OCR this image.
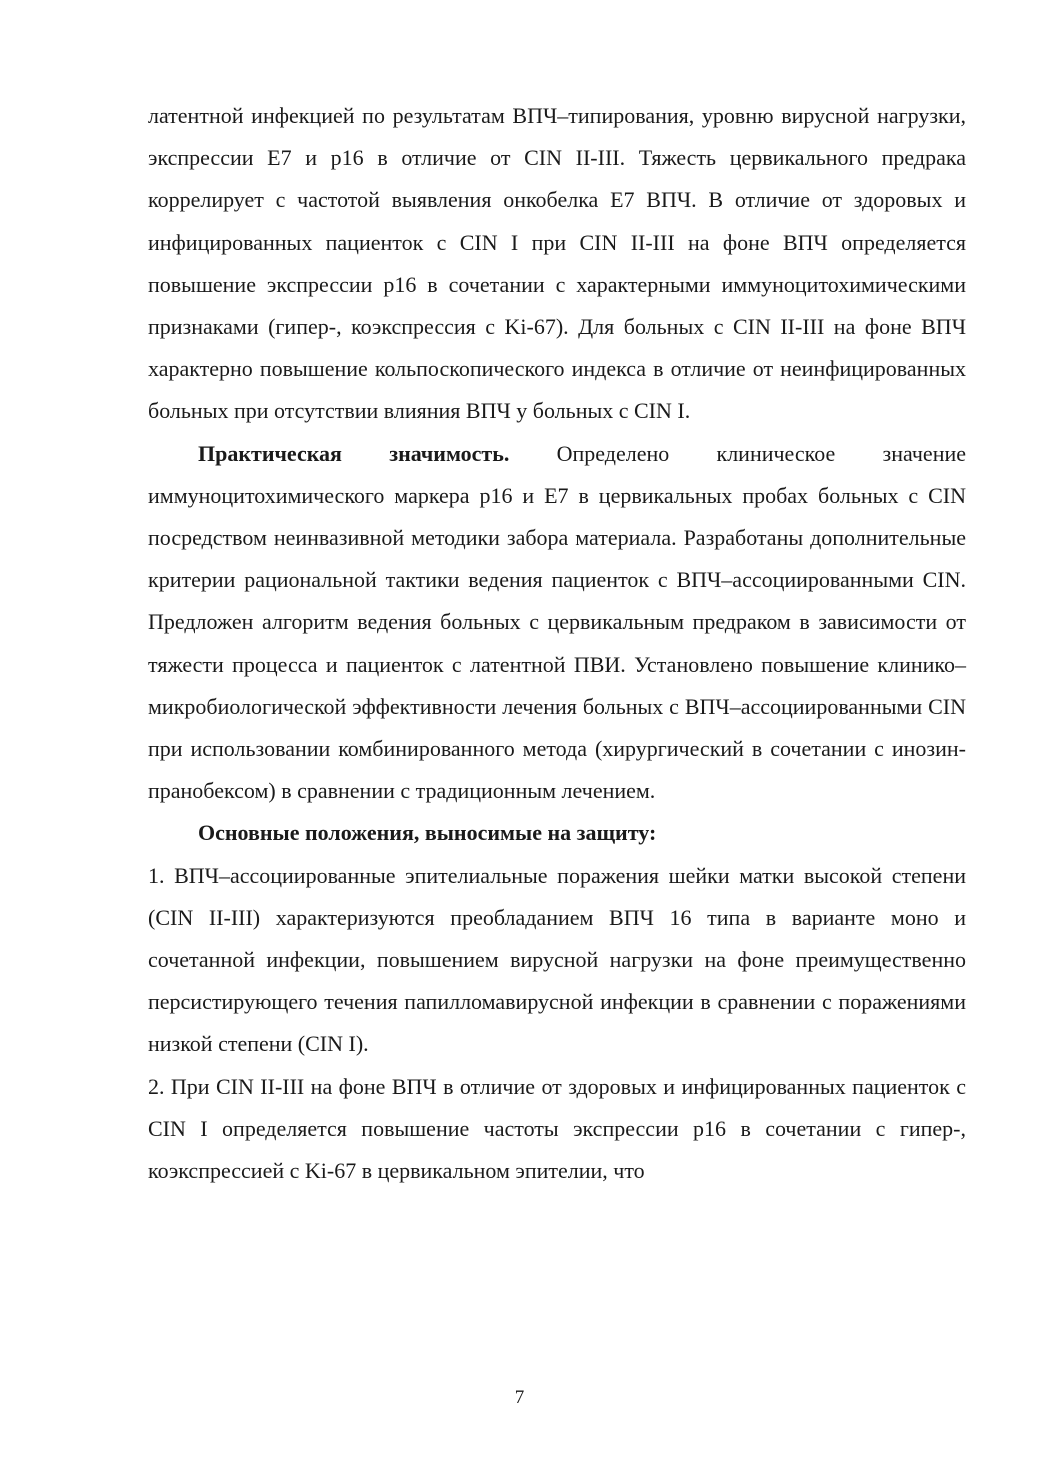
латентной инфекцией по результатам ВПЧ–типирования, уровню вирусной нагрузки, экспрессии Е7 и р16 в отличие от CIN II-III. Тяжесть цервикального предрака коррелирует с частотой выявления онкобелка Е7 ВПЧ. В отличие от здоровых и инфицированных пациенток с CIN I при CIN II-III на фоне ВПЧ определяется повышение экспрессии р16 в сочетании с характерными иммуноцитохимическими признаками (гипер-, коэкспрессия с Ki-67). Для больных с CIN II-III на фоне ВПЧ характерно повышение кольпоскопического индекса в отличие от неинфицированных больных при отсутствии влияния ВПЧ у больных с CIN I.

Практическая значимость. Определено клиническое значение иммуноцитохимического маркера р16 и Е7 в цервикальных пробах больных с CIN посредством неинвазивной методики забора материала. Разработаны дополнительные критерии рациональной тактики ведения пациенток с ВПЧ–ассоциированными CIN. Предложен алгоритм ведения больных с цервикальным предраком в зависимости от тяжести процесса и пациенток с латентной ПВИ. Установлено повышение клинико–микробиологической эффективности лечения больных с ВПЧ–ассоциированными CIN при использовании комбинированного метода (хирургический в сочетании с инозин-пранобексом) в сравнении с традиционным лечением.

Основные положения, выносимые на защиту:

1. ВПЧ–ассоциированные эпителиальные поражения шейки матки высокой степени (CIN II-III) характеризуются преобладанием ВПЧ 16 типа в варианте моно и сочетанной инфекции, повышением вирусной нагрузки на фоне преимущественно персистирующего течения папилломавирусной инфекции в сравнении с поражениями низкой степени (CIN I).

2. При CIN II-III на фоне ВПЧ в отличие от здоровых и инфицированных пациенток с CIN I определяется повышение частоты экспрессии р16 в сочетании с гипер-, коэкспрессией с Ki-67 в цервикальном эпителии, что

7
